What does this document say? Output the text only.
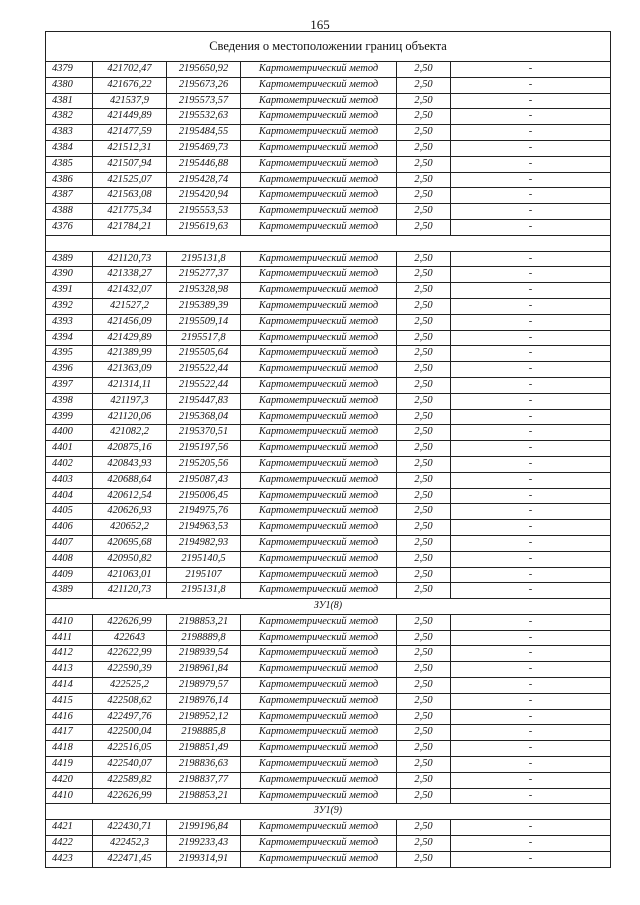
165
Сведения о местоположении границ объекта					
4379	421702,47	2195650,92	Картометрический метод	2,50	-
4380	421676,22	2195673,26	Картометрический метод	2,50	-
4381	421537,9	2195573,57	Картометрический метод	2,50	-
4382	421449,89	2195532,63	Картометрический метод	2,50	-
4383	421477,59	2195484,55	Картометрический метод	2,50	-
4384	421512,31	2195469,73	Картометрический метод	2,50	-
4385	421507,94	2195446,88	Картометрический метод	2,50	-
4386	421525,07	2195428,74	Картометрический метод	2,50	-
4387	421563,08	2195420,94	Картометрический метод	2,50	-
4388	421775,34	2195553,53	Картометрический метод	2,50	-
4376	421784,21	2195619,63	Картометрический метод	2,50	-

4389	421120,73	2195131,8	Картометрический метод	2,50	-
4390	421338,27	2195277,37	Картометрический метод	2,50	-
4391	421432,07	2195328,98	Картометрический метод	2,50	-
4392	421527,2	2195389,39	Картометрический метод	2,50	-
4393	421456,09	2195509,14	Картометрический метод	2,50	-
4394	421429,89	2195517,8	Картометрический метод	2,50	-
4395	421389,99	2195505,64	Картометрический метод	2,50	-
4396	421363,09	2195522,44	Картометрический метод	2,50	-
4397	421314,11	2195522,44	Картометрический метод	2,50	-
4398	421197,3	2195447,83	Картометрический метод	2,50	-
4399	421120,06	2195368,04	Картометрический метод	2,50	-
4400	421082,2	2195370,51	Картометрический метод	2,50	-
4401	420875,16	2195197,56	Картометрический метод	2,50	-
4402	420843,93	2195205,56	Картометрический метод	2,50	-
4403	420688,64	2195087,43	Картометрический метод	2,50	-
4404	420612,54	2195006,45	Картометрический метод	2,50	-
4405	420626,93	2194975,76	Картометрический метод	2,50	-
4406	420652,2	2194963,53	Картометрический метод	2,50	-
4407	420695,68	2194982,93	Картометрический метод	2,50	-
4408	420950,82	2195140,5	Картометрический метод	2,50	-
4409	421063,01	2195107	Картометрический метод	2,50	-
4389	421120,73	2195131,8	Картометрический метод	2,50	-
ЗУ1(8)					
4410	422626,99	2198853,21	Картометрический метод	2,50	-
4411	422643	2198889,8	Картометрический метод	2,50	-
4412	422622,99	2198939,54	Картометрический метод	2,50	-
4413	422590,39	2198961,84	Картометрический метод	2,50	-
4414	422525,2	2198979,57	Картометрический метод	2,50	-
4415	422508,62	2198976,14	Картометрический метод	2,50	-
4416	422497,76	2198952,12	Картометрический метод	2,50	-
4417	422500,04	2198885,8	Картометрический метод	2,50	-
4418	422516,05	2198851,49	Картометрический метод	2,50	-
4419	422540,07	2198836,63	Картометрический метод	2,50	-
4420	422589,82	2198837,77	Картометрический метод	2,50	-
4410	422626,99	2198853,21	Картометрический метод	2,50	-
ЗУ1(9)					
4421	422430,71	2199196,84	Картометрический метод	2,50	-
4422	422452,3	2199233,43	Картометрический метод	2,50	-
4423	422471,45	2199314,91	Картометрический метод	2,50	-
